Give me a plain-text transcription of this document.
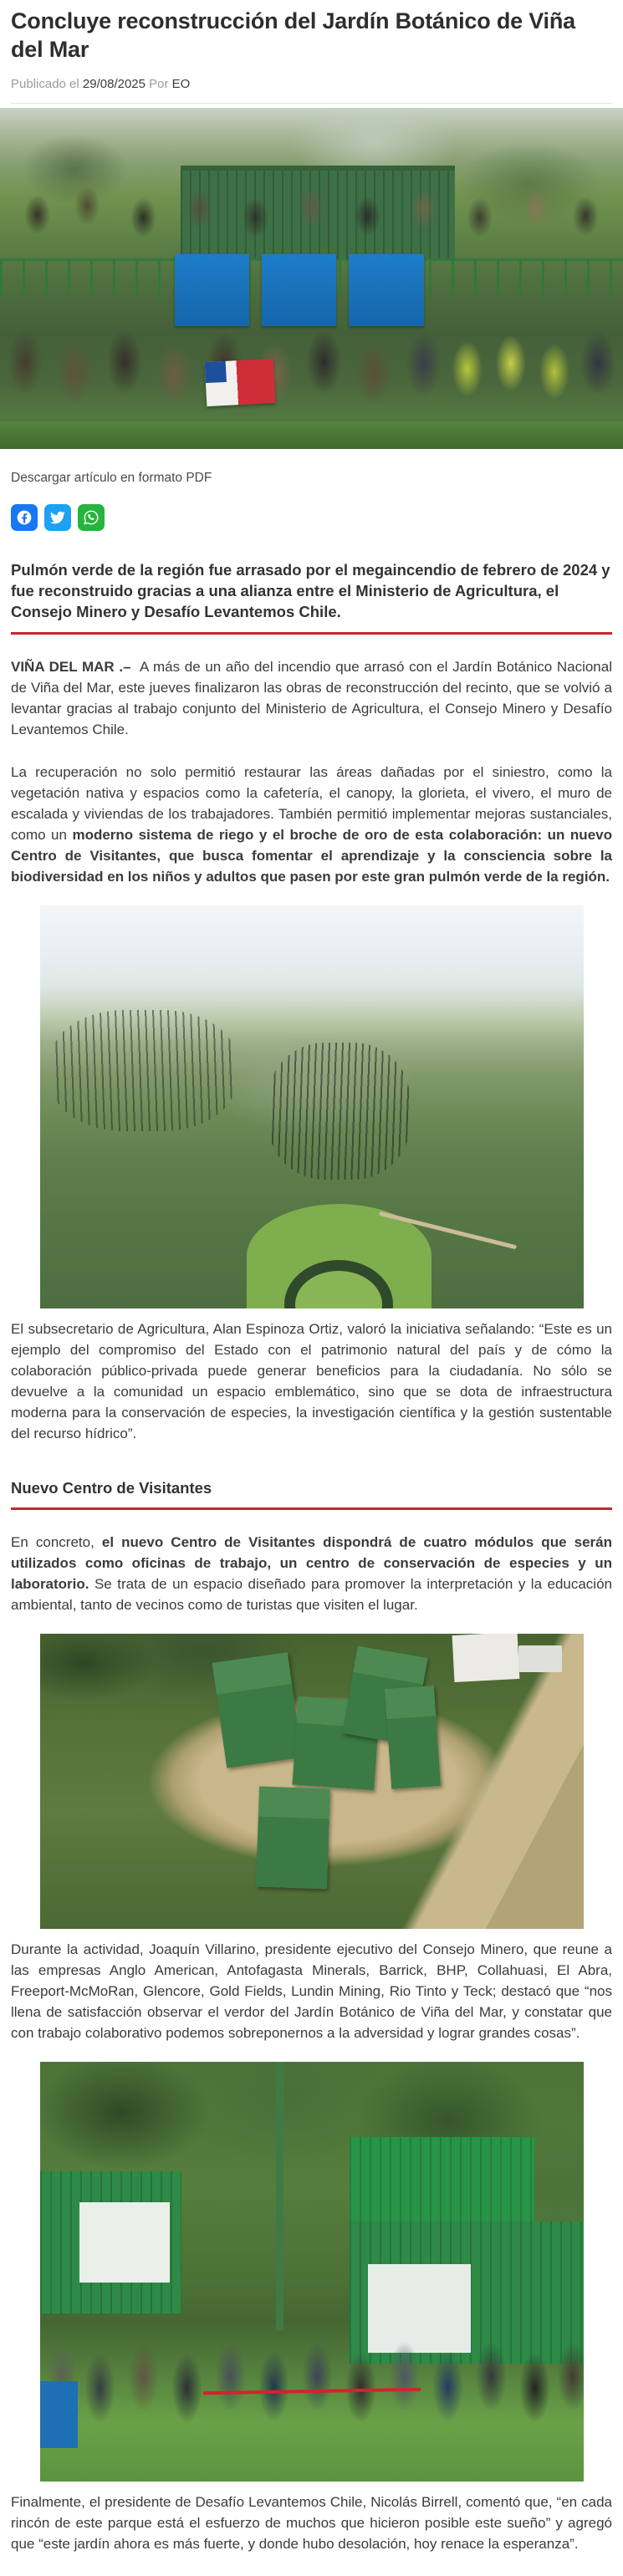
Concluye reconstrucción del Jardín Botánico de Viña del Mar
Publicado el 29/08/2025 Por EO
Descargar artículo en formato PDF

Pulmón verde de la región fue arrasado por el megaincendio de febrero de 2024 y fue reconstruido gracias a una alianza entre el Ministerio de Agricultura, el Consejo Minero y Desafío Levantemos Chile.

VIÑA DEL MAR .–  A más de un año del incendio que arrasó con el Jardín Botánico Nacional de Viña del Mar, este jueves finalizaron las obras de reconstrucción del recinto, que se volvió a levantar gracias al trabajo conjunto del Ministerio de Agricultura, el Consejo Minero y Desafío Levantemos Chile.

La recuperación no solo permitió restaurar las áreas dañadas por el siniestro, como la vegetación nativa y espacios como la cafetería, el canopy, la glorieta, el vivero, el muro de escalada y viviendas de los trabajadores. También permitió implementar mejoras sustanciales, como un moderno sistema de riego y el broche de oro de esta colaboración: un nuevo Centro de Visitantes, que busca fomentar el aprendizaje y la consciencia sobre la biodiversidad en los niños y adultos que pasen por este gran pulmón verde de la región.

El subsecretario de Agricultura, Alan Espinoza Ortiz, valoró la iniciativa señalando: “Este es un ejemplo del compromiso del Estado con el patrimonio natural del país y de cómo la colaboración público-privada puede generar beneficios para la ciudadanía. No sólo se devuelve a la comunidad un espacio emblemático, sino que se dota de infraestructura moderna para la conservación de especies, la investigación científica y la gestión sustentable del recurso hídrico”.

Nuevo Centro de Visitantes

En concreto, el nuevo Centro de Visitantes dispondrá de cuatro módulos que serán utilizados como oficinas de trabajo, un centro de conservación de especies y un laboratorio. Se trata de un espacio diseñado para promover la interpretación y la educación ambiental, tanto de vecinos como de turistas que visiten el lugar.

Durante la actividad, Joaquín Villarino, presidente ejecutivo del Consejo Minero, que reune a las empresas Anglo American, Antofagasta Minerals, Barrick, BHP, Collahuasi, El Abra, Freeport-McMoRan, Glencore, Gold Fields, Lundin Mining, Rio Tinto y Teck; destacó que “nos llena de satisfacción observar el verdor del Jardín Botánico de Viña del Mar, y constatar que con trabajo colaborativo podemos sobreponernos a la adversidad y lograr grandes cosas”.

Finalmente, el presidente de Desafío Levantemos Chile, Nicolás Birrell, comentó que, “en cada rincón de este parque está el esfuerzo de muchos que hicieron posible este sueño” y agregó que “este jardín ahora es más fuerte, y donde hubo desolación, hoy renace la esperanza”.
